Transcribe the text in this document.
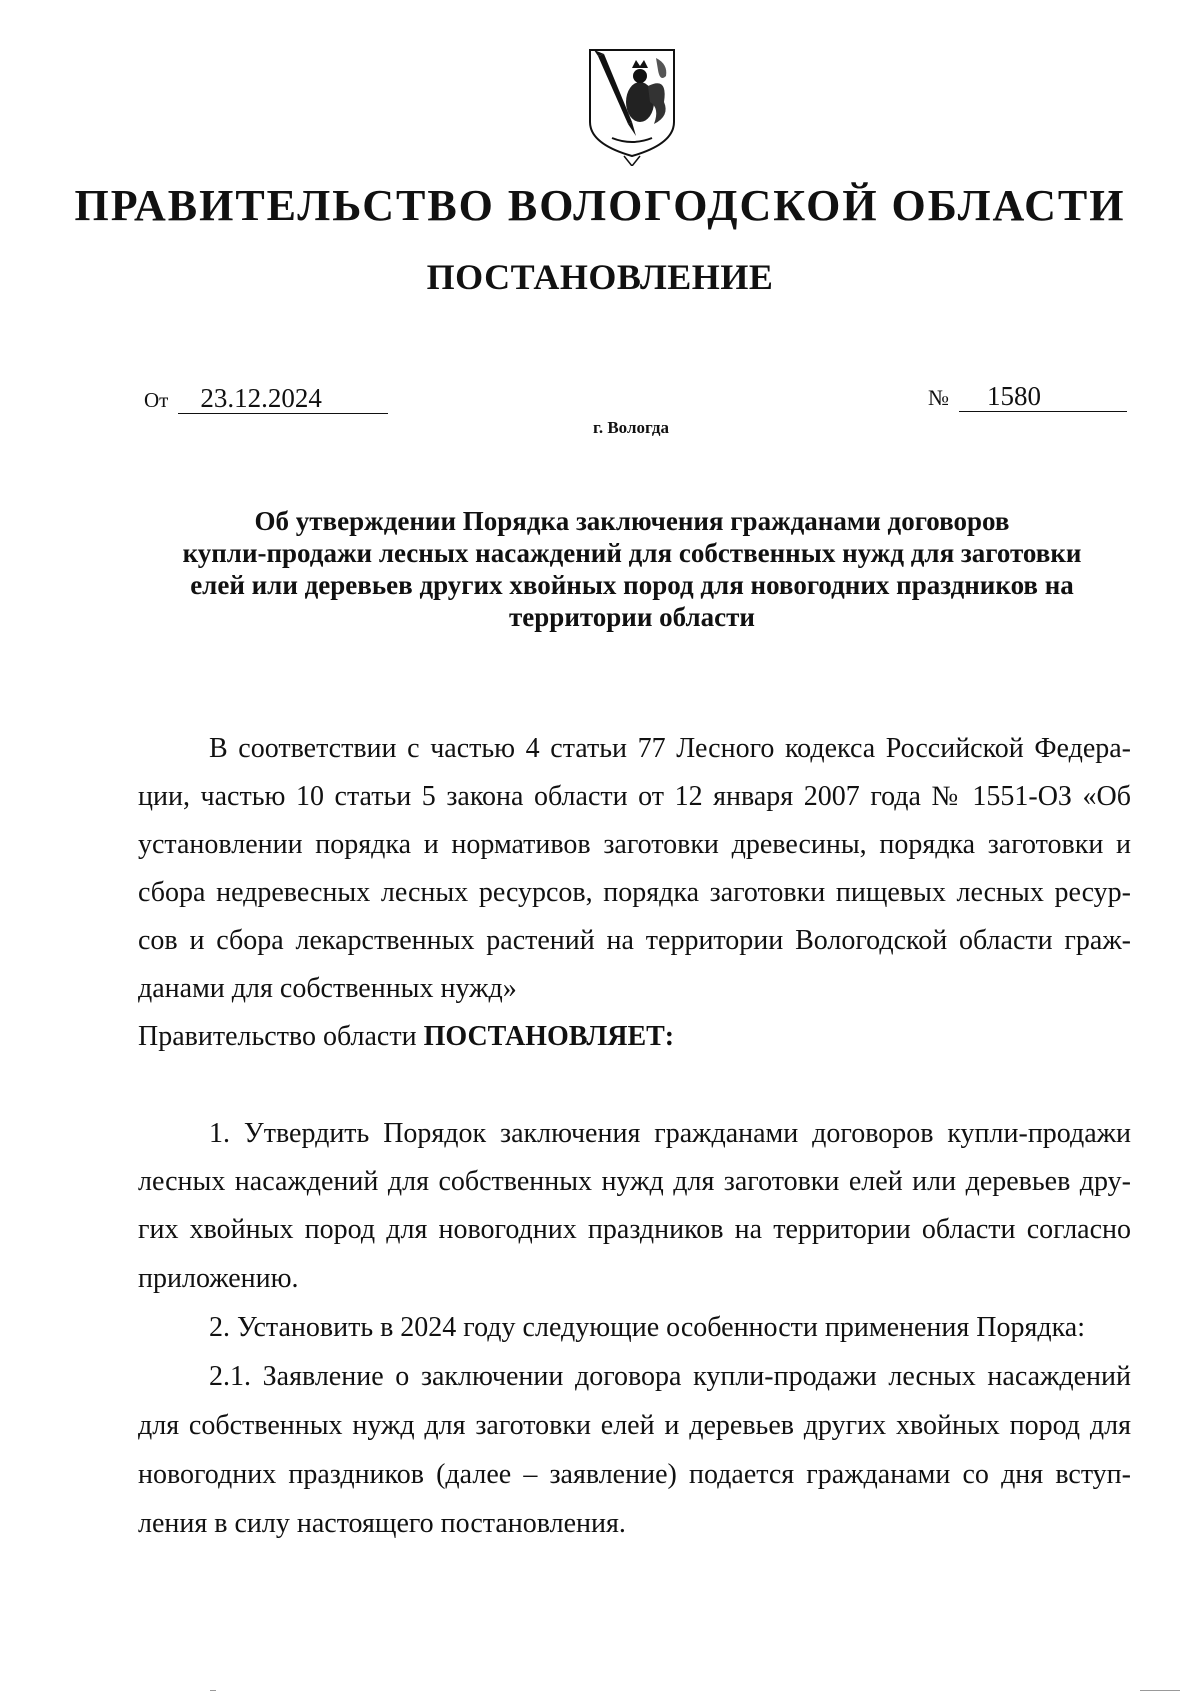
ПРАВИТЕЛЬСТВО ВОЛОГОДСКОЙ ОБЛАСТИ
ПОСТАНОВЛЕНИЕ
От 23.12.2024	№ 1580
г. Вологда
Об утверждении Порядка заключения гражданами договоров
купли-продажи лесных насаждений для собственных нужд для заготовки
елей или деревьев других хвойных пород для новогодних праздников на
территории области
В соответствии с частью 4 статьи 77 Лесного кодекса Российской Федера-
ции, частью 10 статьи 5 закона области от 12 января 2007 года № 1551-ОЗ «Об
установлении порядка и нормативов заготовки древесины, порядка заготовки и
сбора недревесных лесных ресурсов, порядка заготовки пищевых лесных ресур-
сов и сбора лекарственных растений на территории Вологодской области граж-
данами для собственных нужд»
Правительство области ПОСТАНОВЛЯЕТ:
1. Утвердить Порядок заключения гражданами договоров купли-продажи
лесных насаждений для собственных нужд для заготовки елей или деревьев дру-
гих хвойных пород для новогодних праздников на территории области согласно
приложению.
2. Установить в 2024 году следующие особенности применения Порядка:
2.1. Заявление о заключении договора купли-продажи лесных насаждений
для собственных нужд для заготовки елей и деревьев других хвойных пород для
новогодних праздников (далее – заявление) подается гражданами со дня вступ-
ления в силу настоящего постановления.
